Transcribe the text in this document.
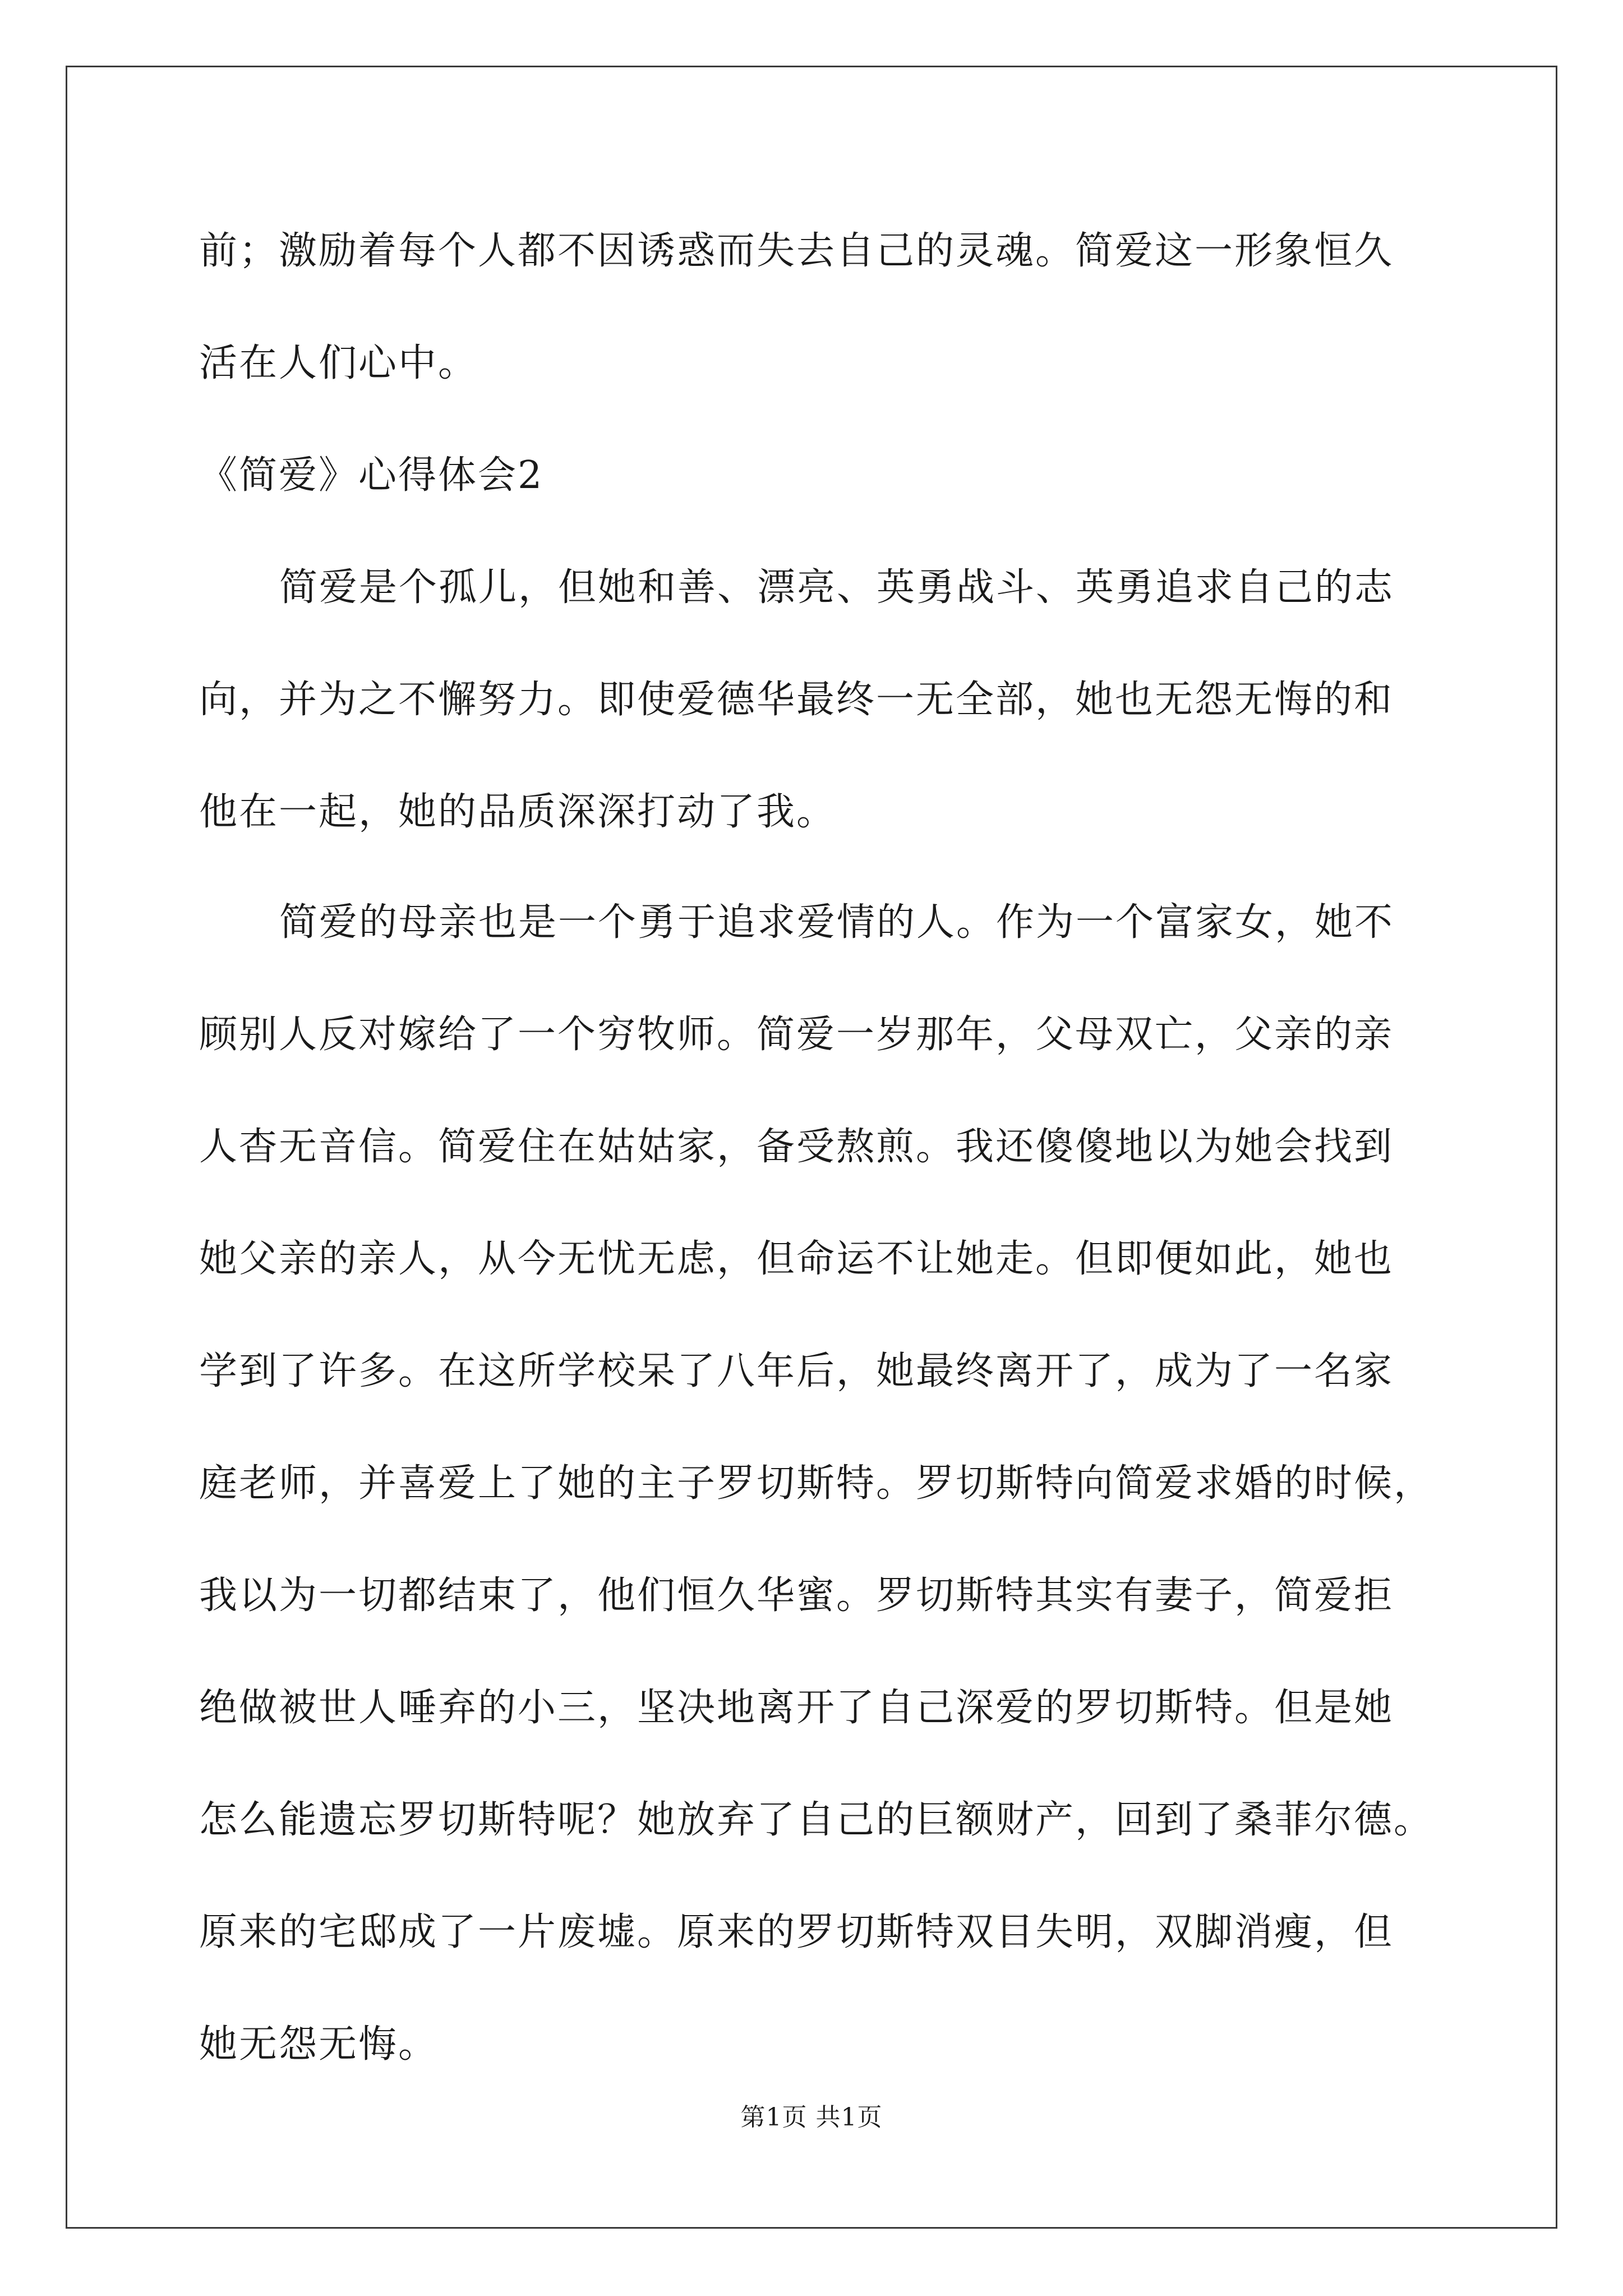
前；激励着每个人都不因诱惑而失去自己的灵魂。简爱这一形象恒久
活在人们心中。
《简爱》心得体会2
简爱是个孤儿，但她和善、漂亮、英勇战斗、英勇追求自己的志
向，并为之不懈努力。即使爱德华最终一无全部，她也无怨无悔的和
他在一起，她的品质深深打动了我。
简爱的母亲也是一个勇于追求爱情的人。作为一个富家女，她不
顾别人反对嫁给了一个穷牧师。简爱一岁那年，父母双亡，父亲的亲
人杳无音信。简爱住在姑姑家，备受熬煎。我还傻傻地以为她会找到
她父亲的亲人，从今无忧无虑，但命运不让她走。但即便如此，她也
学到了许多。在这所学校呆了八年后，她最终离开了，成为了一名家
庭老师，并喜爱上了她的主子罗切斯特。罗切斯特向简爱求婚的时候，
我以为一切都结束了，他们恒久华蜜。罗切斯特其实有妻子，简爱拒
绝做被世人唾弃的小三，坚决地离开了自己深爱的罗切斯特。但是她
怎么能遗忘罗切斯特呢？她放弃了自己的巨额财产，回到了桑菲尔德。
原来的宅邸成了一片废墟。原来的罗切斯特双目失明，双脚消瘦，但
她无怨无悔。
第1页 共1页
